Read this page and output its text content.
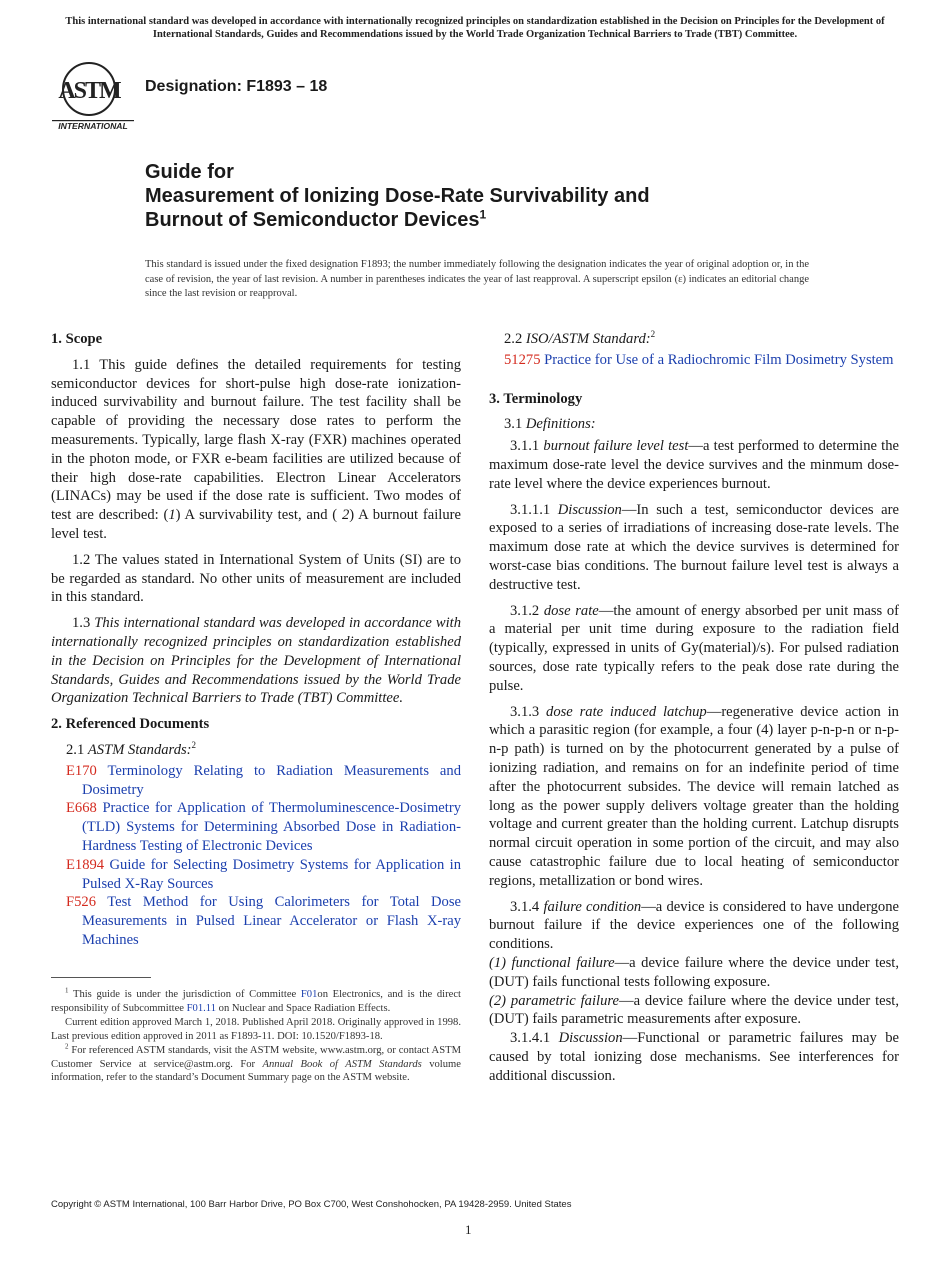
This international standard was developed in accordance with internationally recognized principles on standardization established in the Decision on Principles for the Development of International Standards, Guides and Recommendations issued by the World Trade Organization Technical Barriers to Trade (TBT) Committee.
ASTM
INTERNATIONAL
Designation: F1893 – 18
Guide for
Measurement of Ionizing Dose-Rate Survivability and
Burnout of Semiconductor Devices$^1$
This standard is issued under the fixed designation F1893; the number immediately following the designation indicates the year of original adoption or, in the case of revision, the year of last revision. A number in parentheses indicates the year of last reapproval. A superscript epsilon (ε) indicates an editorial change since the last revision or reapproval.
1. Scope

1.1 This guide defines the detailed requirements for testing semiconductor devices for short-pulse high dose-rate ionization-induced survivability and burnout failure. The test facility shall be capable of providing the necessary dose rates to perform the measurements. Typically, large flash X-ray (FXR) machines operated in the photon mode, or FXR e-beam facilities are utilized because of their high dose-rate capabilities. Electron Linear Accelerators (LINACs) may be used if the dose rate is sufficient. Two modes of test are described: (1) A survivability test, and ( 2) A burnout failure level test.

1.2 The values stated in International System of Units (SI) are to be regarded as standard. No other units of measurement are included in this standard.

1.3 This international standard was developed in accordance with internationally recognized principles on standardization established in the Decision on Principles for the Development of International Standards, Guides and Recommendations issued by the World Trade Organization Technical Barriers to Trade (TBT) Committee.

2. Referenced Documents
2.1 ASTM Standards:$^2$
E170 Terminology Relating to Radiation Measurements and Dosimetry
E668 Practice for Application of Thermoluminescence-Dosimetry (TLD) Systems for Determining Absorbed Dose in Radiation-Hardness Testing of Electronic Devices
E1894 Guide for Selecting Dosimetry Systems for Application in Pulsed X-Ray Sources
F526 Test Method for Using Calorimeters for Total Dose Measurements in Pulsed Linear Accelerator or Flash X-ray Machines

$^1$ This guide is under the jurisdiction of Committee F01on Electronics, and is the direct responsibility of Subcommittee F01.11 on Nuclear and Space Radiation Effects.

Current edition approved March 1, 2018. Published April 2018. Originally approved in 1998. Last previous edition approved in 2011 as F1893-11. DOI: 10.1520/F1893-18.

$^2$ For referenced ASTM standards, visit the ASTM website, www.astm.org, or contact ASTM Customer Service at service@astm.org. For Annual Book of ASTM Standards volume information, refer to the standard’s Document Summary page on the ASTM website.

2.2 ISO/ASTM Standard:$^2$
51275 Practice for Use of a Radiochromic Film Dosimetry System
3. Terminology
3.1 Definitions:

3.1.1 burnout failure level test—a test performed to determine the maximum dose-rate level the device survives and the minmum dose-rate level where the device experiences burnout.

3.1.1.1 Discussion—In such a test, semiconductor devices are exposed to a series of irradiations of increasing dose-rate levels. The maximum dose rate at which the device survives is determined for worst-case bias conditions. The burnout failure level test is always a destructive test.

3.1.2 dose rate—the amount of energy absorbed per unit mass of a material per unit time during exposure to the radiation field (typically, expressed in units of Gy(material)/s). For pulsed radiation sources, dose rate typically refers to the peak dose rate during the pulse.

3.1.3 dose rate induced latchup—regenerative device action in which a parasitic region (for example, a four (4) layer p-n-p-n or n-p-n-p path) is turned on by the photocurrent generated by a pulse of ionizing radiation, and remains on for an indefinite period of time after the photocurrent subsides. The device will remain latched as long as the power supply delivers voltage greater than the holding voltage and current greater than the holding current. Latchup disrupts normal circuit operation in some portion of the circuit, and may also cause catastrophic failure due to local heating of semiconductor regions, metallization or bond wires.

3.1.4 failure condition—a device is considered to have undergone burnout failure if the device experiences one of the following conditions.

(1) functional failure—a device failure where the device under test, (DUT) fails functional tests following exposure.

(2) parametric failure—a device failure where the device under test, (DUT) fails parametric measurements after exposure.

3.1.4.1 Discussion—Functional or parametric failures may be caused by total ionizing dose mechanisms. See interferences for additional discussion.

Copyright © ASTM International, 100 Barr Harbor Drive, PO Box C700, West Conshohocken, PA 19428-2959. United States
1
